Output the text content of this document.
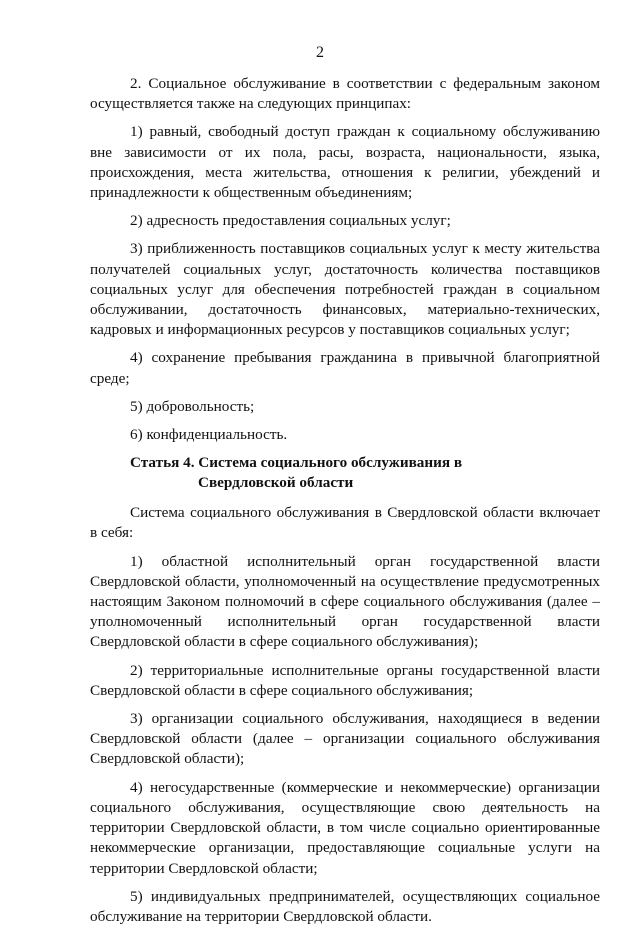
2

2. Социальное обслуживание в соответствии с федеральным законом осуществляется также на следующих принципах:

1) равный, свободный доступ граждан к социальному обслуживанию вне зависимости от их пола, расы, возраста, национальности, языка, происхождения, места жительства, отношения к религии, убеждений и принадлежности к общественным объединениям;

2) адресность предоставления социальных услуг;

3) приближенность поставщиков социальных услуг к месту жительства получателей социальных услуг, достаточность количества поставщиков социальных услуг для обеспечения потребностей граждан в социальном обслуживании, достаточность финансовых, материально-технических, кадровых и информационных ресурсов у поставщиков социальных услуг;

4) сохранение пребывания гражданина в привычной благоприятной среде;

5) добровольность;

6) конфиденциальность.

Статья 4. Система социального обслуживания в
Свердловской области

Система социального обслуживания в Свердловской области включает в себя:

1) областной исполнительный орган государственной власти Свердловской области, уполномоченный на осуществление предусмотренных настоящим Законом полномочий в сфере социального обслуживания (далее – уполномоченный исполнительный орган государственной власти Свердловской области в сфере социального обслуживания);

2) территориальные исполнительные органы государственной власти Свердловской области в сфере социального обслуживания;

3) организации социального обслуживания, находящиеся в ведении Свердловской области (далее – организации социального обслуживания Свердловской области);

4) негосударственные (коммерческие и некоммерческие) организации социального обслуживания, осуществляющие свою деятельность на территории Свердловской области, в том числе социально ориентированные некоммерческие организации, предоставляющие социальные услуги на территории Свердловской области;

5) индивидуальных предпринимателей, осуществляющих социальное обслуживание на территории Свердловской области.
